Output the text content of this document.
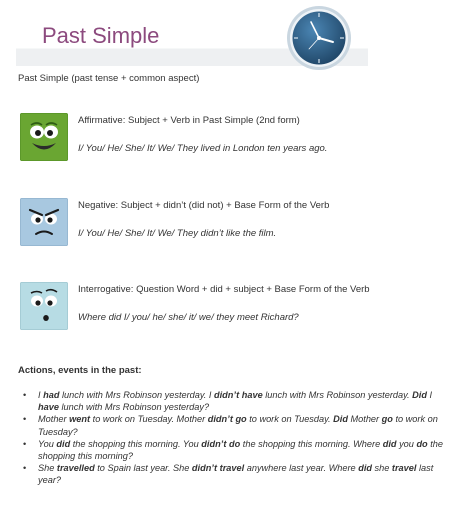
Past Simple
Past Simple (past tense + common aspect)
Affirmative: Subject + Verb in Past Simple (2nd form)
I/ You/ He/ She/ It/ We/ They lived in London ten years ago.
Negative: Subject + didn’t (did not) + Base Form of the Verb
I/ You/ He/ She/ It/ We/ They didn’t like the film.
Interrogative: Question Word + did + subject + Base Form of the Verb
Where did I/ you/ he/ she/ it/ we/ they meet Richard?
Actions, events in the past:
• I had lunch with Mrs Robinson yesterday. I didn’t have lunch with Mrs Robinson yesterday. Did I have lunch with Mrs Robinson yesterday?
• Mother went to work on Tuesday. Mother didn’t go to work on Tuesday. Did Mother go to work on Tuesday?
• You did the shopping this morning. You didn’t do the shopping this morning. Where did you do the shopping this morning?
• She travelled to Spain last year. She didn’t travel anywhere last year. Where did she travel last year?
